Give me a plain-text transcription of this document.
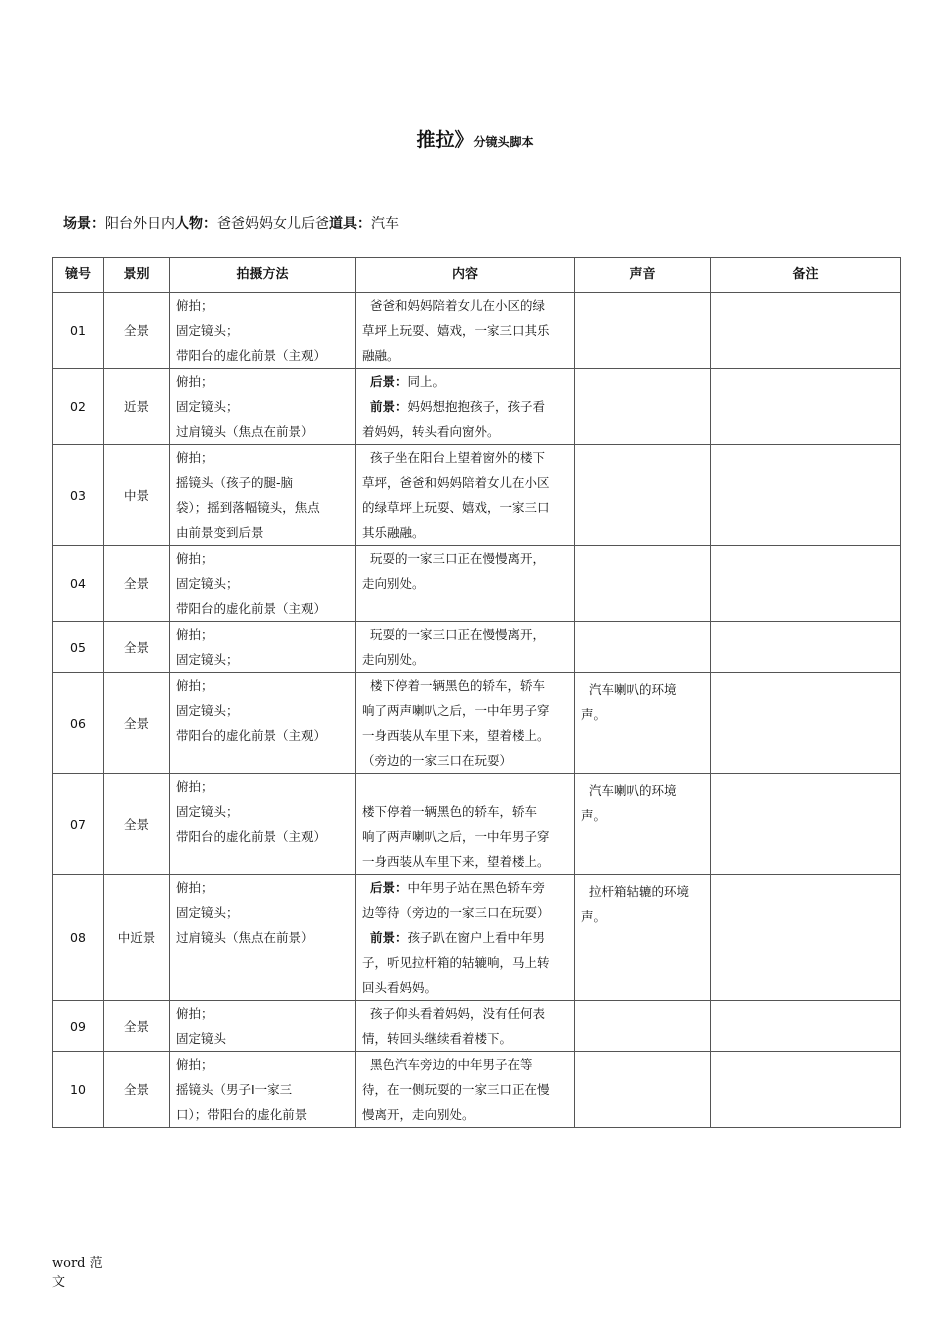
推拉》分镜头脚本
场景：阳台外日内人物：爸爸妈妈女儿后爸道具：汽车
镜号	景别	拍摄方法	内容	声音	备注
01	全景	俯拍；
固定镜头；
带阳台的虚化前景（主观）	爸爸和妈妈陪着女儿在小区的绿
草坪上玩耍、嬉戏，一家三口其乐
融融。		

02	近景	俯拍；
固定镜头；
过肩镜头（焦点在前景）	后景：同上。
前景：妈妈想抱抱孩子，孩子看
着妈妈，转头看向窗外。		

03	中景	俯拍；
摇镜头（孩子的腿-脑
袋）；摇到落幅镜头，焦点
由前景变到后景	孩子坐在阳台上望着窗外的楼下
草坪，爸爸和妈妈陪着女儿在小区
的绿草坪上玩耍、嬉戏，一家三口
其乐融融。		

04	全景	俯拍；
固定镜头；
带阳台的虚化前景（主观）	玩耍的一家三口正在慢慢离开，
走向别处。		

05	全景	俯拍；
固定镜头；	玩耍的一家三口正在慢慢离开，
走向别处。		

06	全景	俯拍；
固定镜头；
带阳台的虚化前景（主观）	楼下停着一辆黑色的轿车，轿车
响了两声喇叭之后，一中年男子穿
一身西装从车里下来，望着楼上。
（旁边的一家三口在玩耍）	汽车喇叭的环境
声。	

07	全景	俯拍；
固定镜头；
带阳台的虚化前景（主观）	楼下停着一辆黑色的轿车，轿车
响了两声喇叭之后，一中年男子穿
一身西装从车里下来，望着楼上。	汽车喇叭的环境
声。	

08	中近景	俯拍；
固定镜头；
过肩镜头（焦点在前景）	后景：中年男子站在黑色轿车旁
边等待（旁边的一家三口在玩耍）
前景：孩子趴在窗户上看中年男
子，听见拉杆箱的轱辘响，马上转
回头看妈妈。	拉杆箱轱辘的环境
声。	

09	全景	俯拍；
固定镜头	孩子仰头看着妈妈，没有任何表
情，转回头继续看着楼下。		

10	全景	俯拍；
摇镜头（男子I一家三
口）；带阳台的虚化前景	黑色汽车旁边的中年男子在等
待，在一侧玩耍的一家三口正在慢
慢离开，走向别处。		

word 范
文
